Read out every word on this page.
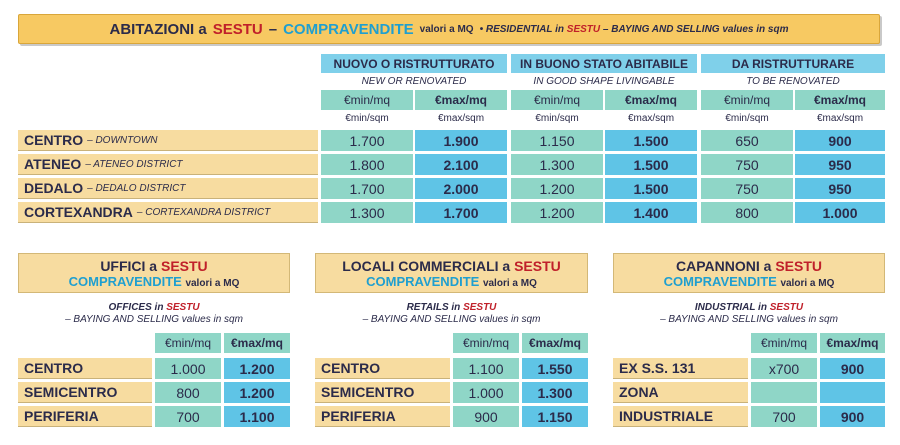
ABITAZIONI a SESTU – COMPRAVENDITE valori a MQ • RESIDENTIAL in SESTU – BAYING AND SELLING values in sqm
NUOVO O RISTRUTTURATO	IN BUONO STATO ABITABILE	DA RISTRUTTURARE
NEW OR RENOVATED	IN GOOD SHAPE LIVINGABLE	TO BE RENOVATED
€min/mq	€max/mq	€min/mq	€max/mq	€min/mq	€max/mq
€min/sqm	€max/sqm	€min/sqm	€max/sqm	€min/sqm	€max/sqm
CENTRO – DOWNTOWN	1.700	1.900	1.150	1.500	650	900
ATENEO – ATENEO DISTRICT	1.800	2.100	1.300	1.500	750	950
DEDALO – DEDALO DISTRICT	1.700	2.000	1.200	1.500	750	950
CORTEXANDRA – CORTEXANDRA DISTRICT	1.300	1.700	1.200	1.400	800	1.000
UFFICI a SESTU
COMPRAVENDITE valori a MQ
OFFICES in SESTU
– BAYING AND SELLING values in sqm
€min/mq	€max/mq
CENTRO	1.000	1.200
SEMICENTRO	800	1.200
PERIFERIA	700	1.100
LOCALI COMMERCIALI a SESTU
COMPRAVENDITE valori a MQ
RETAILS in SESTU
– BAYING AND SELLING values in sqm
€min/mq	€max/mq
CENTRO	1.100	1.550
SEMICENTRO	1.000	1.300
PERIFERIA	900	1.150
CAPANNONI a SESTU
COMPRAVENDITE valori a MQ
INDUSTRIAL in SESTU
– BAYING AND SELLING values in sqm
€min/mq	€max/mq
EX S.S. 131	x700	900
ZONA
INDUSTRIALE	700	900
